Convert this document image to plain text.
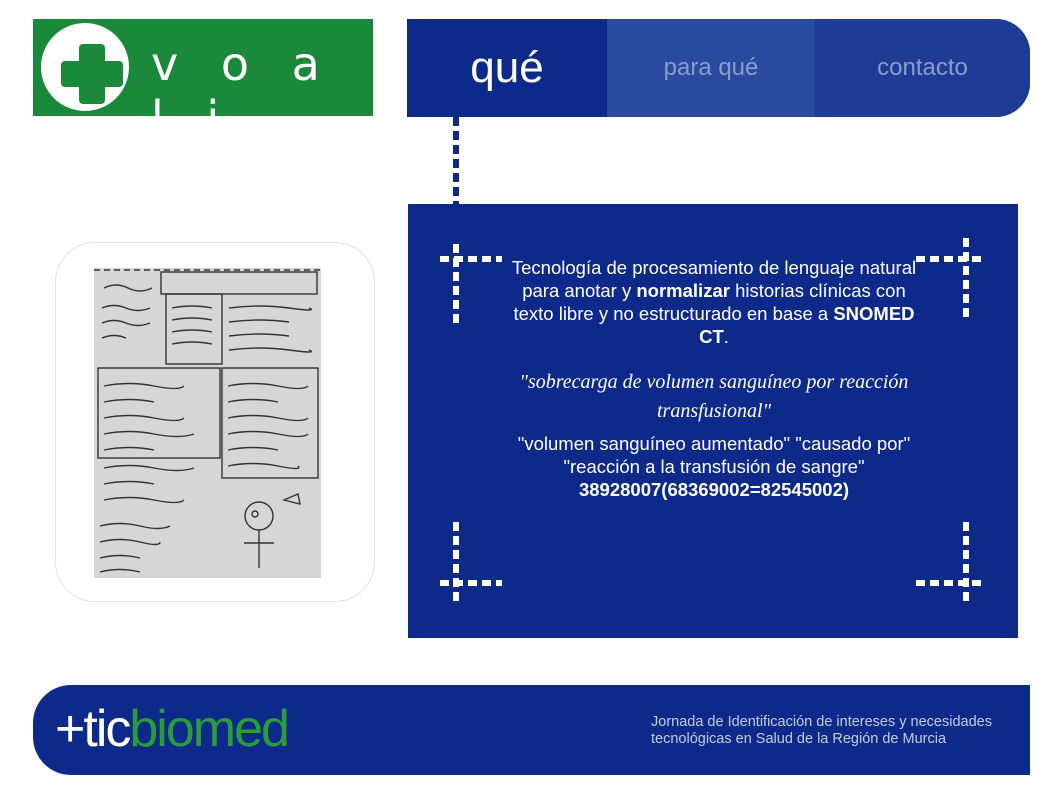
v o a l i
qué	para qué	contacto
Tecnología de procesamiento de lenguaje natural para anotar y normalizar historias clínicas con texto libre y no estructurado en base a SNOMED CT.
"sobrecarga de volumen sanguíneo por reacción transfusional"
"volumen sanguíneo aumentado" "causado por" "reacción a la transfusión de sangre"
38928007(68369002=82545002)
+ticbiomed	Jornada de Identificación de intereses y necesidades
tecnológicas en Salud de la Región de Murcia
